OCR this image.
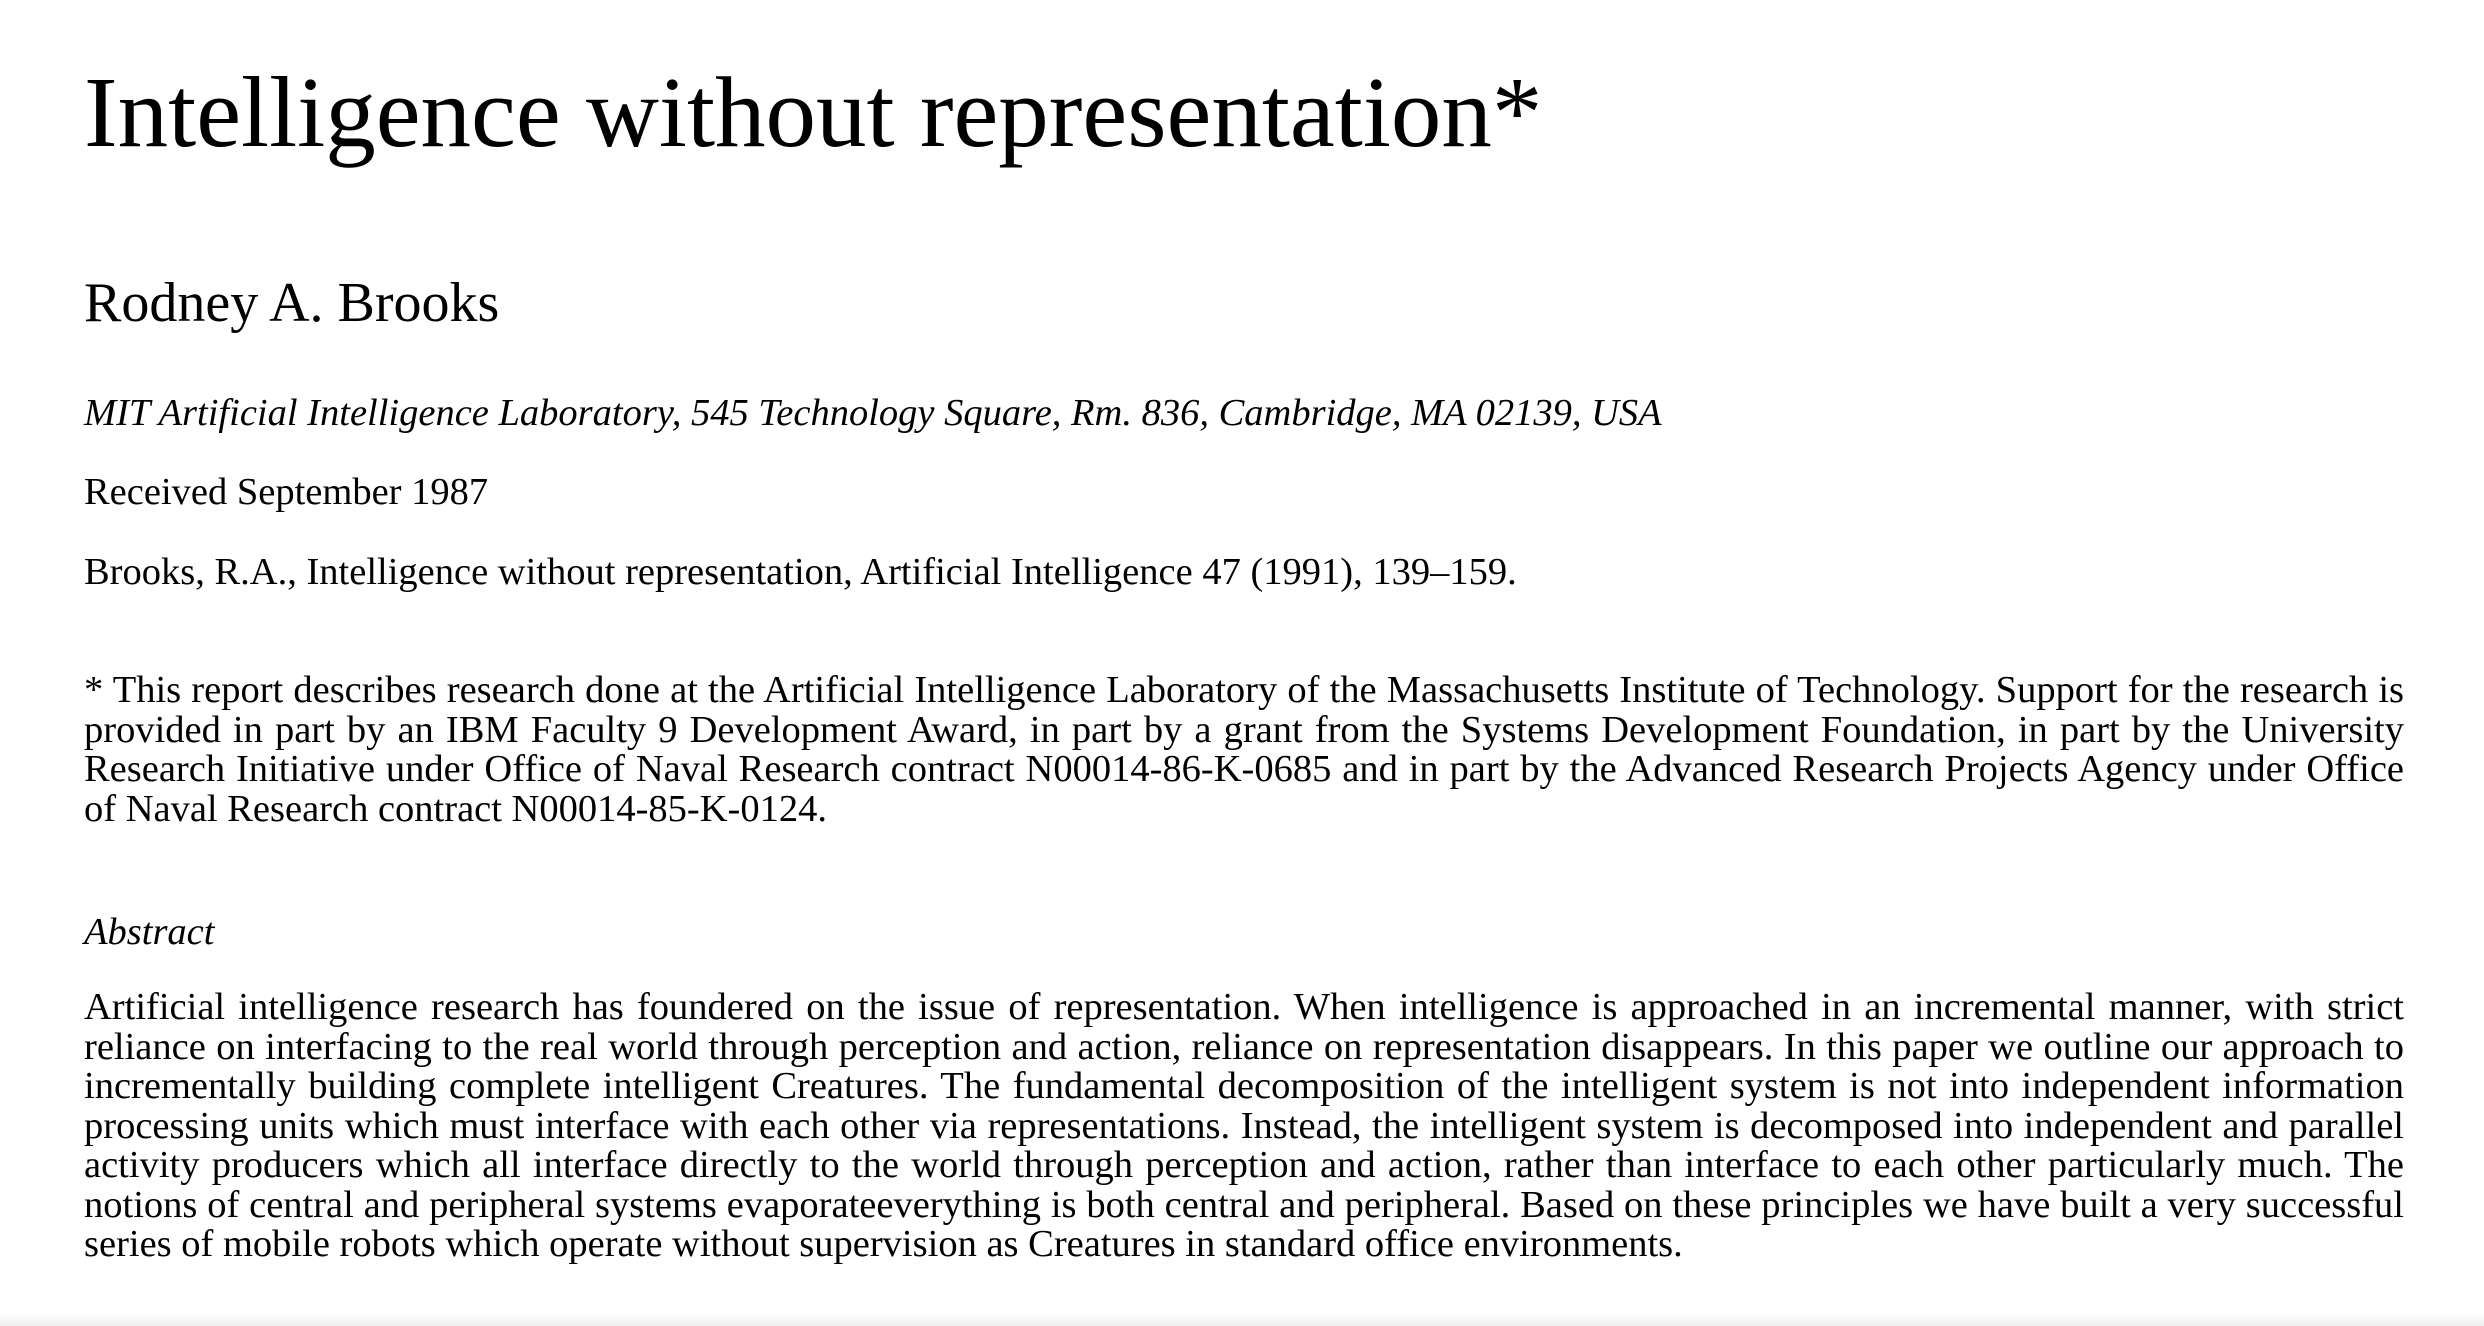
Intelligence without representation*
Rodney A. Brooks
MIT Artificial Intelligence Laboratory, 545 Technology Square, Rm. 836, Cambridge, MA 02139, USA
Received September 1987
Brooks, R.A., Intelligence without representation, Artificial Intelligence 47 (1991), 139–159.
* This report describes research done at the Artificial Intelligence Laboratory of the Massachusetts Institute of Technology. Support for the research is provided in part by an IBM Faculty 9 Development Award, in part by a grant from the Systems Development Foundation, in part by the University Research Initiative under Office of Naval Research contract N00014-86-K-0685 and in part by the Advanced Research Projects Agency under Office of Naval Research contract N00014-85-K-0124.
Abstract
Artificial intelligence research has foundered on the issue of representation. When intelligence is approached in an incremental manner, with strict reliance on interfacing to the real world through perception and action, reliance on representation disappears. In this paper we outline our approach to incrementally building complete intelligent Creatures. The fundamental decomposition of the intelligent system is not into independent information processing units which must interface with each other via representations. Instead, the intelligent system is decomposed into independent and parallel activity producers which all interface directly to the world through perception and action, rather than interface to each other particularly much. The notions of central and peripheral systems evaporateeverything is both central and peripheral. Based on these principles we have built a very successful series of mobile robots which operate without supervision as Creatures in standard office environments.
